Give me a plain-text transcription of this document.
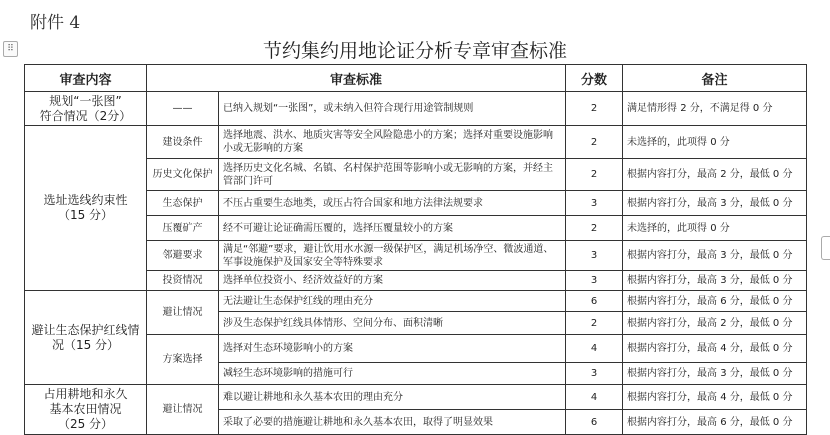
附件 4
⠿	节约集约用地论证分析专章审查标准
审查内容	审查标准		分数	备注
规划“一张图”
符合情况（2分）	——	已纳入规划“一张图”，或未纳入但符合现行用途管制规则	2	满足情形得 2 分，不满足得 0 分
选址选线约束性
（15 分）	建设条件	选择地震、洪水、地质灾害等安全风险隐患小的方案；选择对重要设施影响小或无影响的方案	2	未选择的，此项得 0 分
	历史文化保护	选择历史文化名城、名镇、名村保护范围等影响小或无影响的方案，并经主管部门许可	2	根据内容打分，最高 2 分，最低 0 分
	生态保护	不压占重要生态地类，或压占符合国家和地方法律法规要求	3	根据内容打分，最高 3 分，最低 0 分
	压覆矿产	经不可避让论证确需压覆的，选择压覆量较小的方案	2	未选择的，此项得 0 分
	邻避要求	满足“邻避”要求，避让饮用水水源一级保护区，满足机场净空、微波通道、军事设施保护及国家安全等特殊要求	3	根据内容打分，最高 3 分，最低 0 分
	投资情况	选择单位投资小、经济效益好的方案	3	根据内容打分，最高 3 分，最低 0 分
避让生态保护红线情况（15 分）	避让情况	无法避让生态保护红线的理由充分	6	根据内容打分，最高 6 分，最低 0 分
		涉及生态保护红线具体情形、空间分布、面积清晰	2	根据内容打分，最高 2 分，最低 0 分
	方案选择	选择对生态环境影响小的方案	4	根据内容打分，最高 4 分，最低 0 分
		减轻生态环境影响的措施可行	3	根据内容打分，最高 3 分，最低 0 分
占用耕地和永久
基本农田情况
（25 分）	避让情况	难以避让耕地和永久基本农田的理由充分	4	根据内容打分，最高 4 分，最低 0 分
		采取了必要的措施避让耕地和永久基本农田，取得了明显效果	6	根据内容打分，最高 6 分，最低 0 分
